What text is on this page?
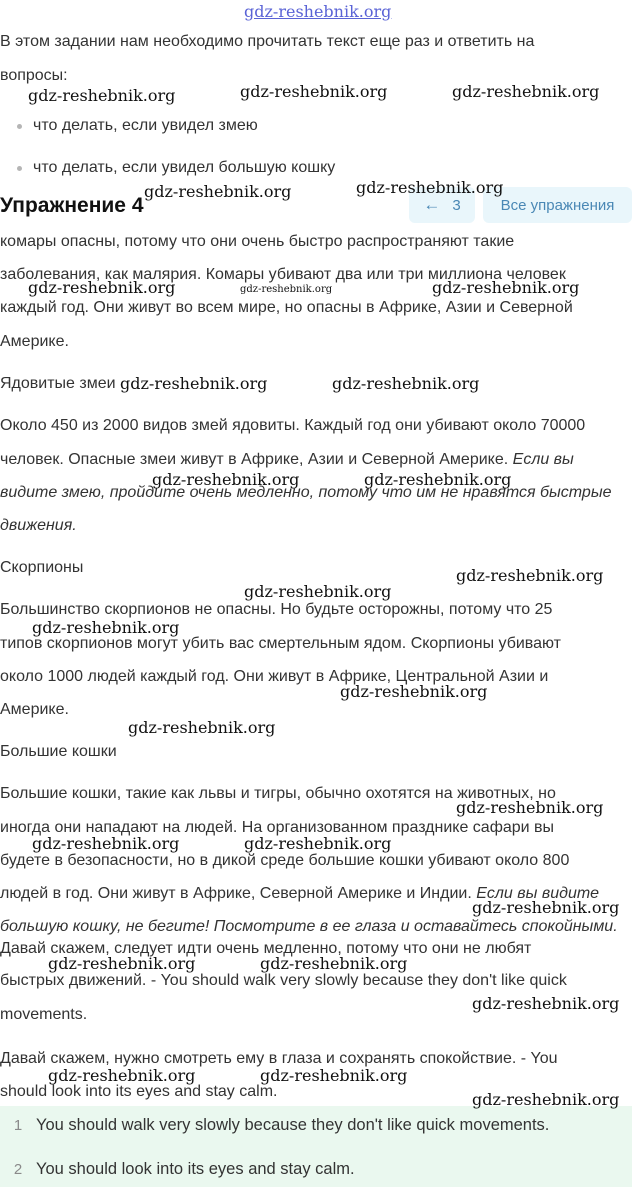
gdz-reshebnik.org

В этом задании нам необходимо прочитать текст еще раз и ответить на

вопросы:

что делать, если увидел змею

что делать, если увидел большую кошку

Упражнение 4	← 3	Все упражнения

комары опасны, потому что они очень быстро распространяют такие

заболевания, как малярия. Комары убивают два или три миллиона человек

каждый год. Они живут во всем мире, но опасны в Африке, Азии и Северной

Америке.

Ядовитые змеи

Около 450 из 2000 видов змей ядовиты. Каждый год они убивают около 70000

человек. Опасные змеи живут в Африке, Азии и Северной Америке. Если вы

видите змею, пройдите очень медленно, потому что им не нравятся быстрые

движения.

Скорпионы

Большинство скорпионов не опасны. Но будьте осторожны, потому что 25

типов скорпионов могут убить вас смертельным ядом. Скорпионы убивают

около 1000 людей каждый год. Они живут в Африке, Центральной Азии и

Америке.

Большие кошки

Большие кошки, такие как львы и тигры, обычно охотятся на животных, но

иногда они нападают на людей. На организованном празднике сафари вы

будете в безопасности, но в дикой среде большие кошки убивают около 800

людей в год. Они живут в Африке, Северной Америке и Индии. Если вы видите

большую кошку, не бегите! Посмотрите в ее глаза и оставайтесь спокойными.

Давай скажем, следует идти очень медленно, потому что они не любят

быстрых движений. - You should walk very slowly because they don't like quick

movements.

Давай скажем, нужно смотреть ему в глаза и сохранять спокойствие. - You

should look into its eyes and stay calm.

1 You should walk very slowly because they don't like quick movements.
2 You should look into its eyes and stay calm.
gdz-reshebnik.org	gdz-reshebnik.org	gdz-reshebnik.org
gdz-reshebnik.org	gdz-reshebnik.org
gdz-reshebnik.org	gdz-reshebnik.org	gdz-reshebnik.org
gdz-reshebnik.org	gdz-reshebnik.org
gdz-reshebnik.org	gdz-reshebnik.org
gdz-reshebnik.org
gdz-reshebnik.org
gdz-reshebnik.org
gdz-reshebnik.org
gdz-reshebnik.org
gdz-reshebnik.org
gdz-reshebnik.org	gdz-reshebnik.org
gdz-reshebnik.org
gdz-reshebnik.org	gdz-reshebnik.org
gdz-reshebnik.org
gdz-reshebnik.org	gdz-reshebnik.org
gdz-reshebnik.org
